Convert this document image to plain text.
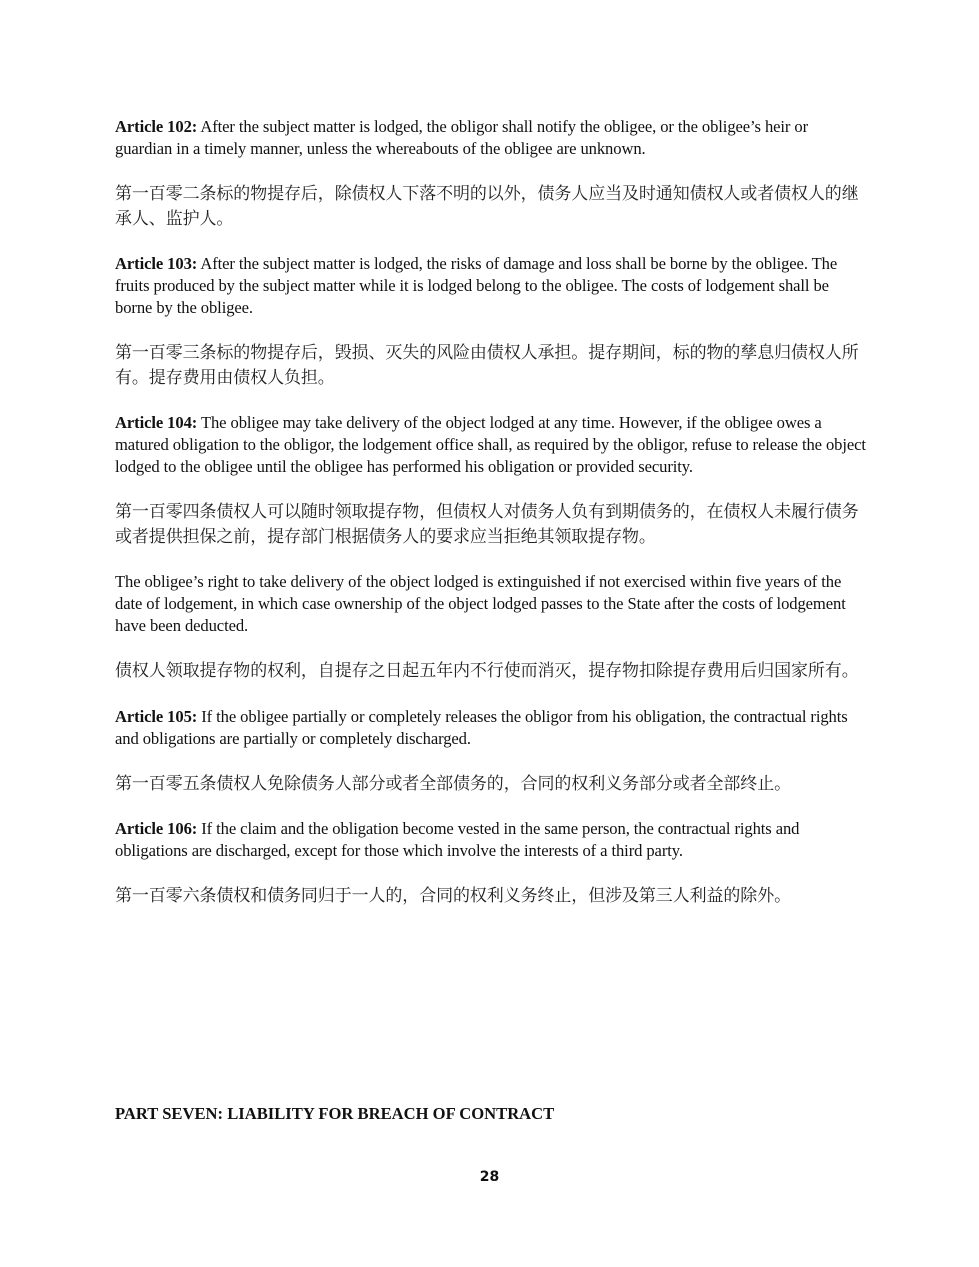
Article 102: After the subject matter is lodged, the obligor shall notify the obligee, or the obligee’s heir or guardian in a timely manner, unless the whereabouts of the obligee are unknown.

第一百零二条标的物提存后，除债权人下落不明的以外，债务人应当及时通知债权人或者债权人的继承人、监护人。

Article 103: After the subject matter is lodged, the risks of damage and loss shall be borne by the obligee. The fruits produced by the subject matter while it is lodged belong to the obligee. The costs of lodgement shall be borne by the obligee.

第一百零三条标的物提存后，毁损、灭失的风险由债权人承担。提存期间，标的物的孳息归债权人所有。提存费用由债权人负担。

Article 104: The obligee may take delivery of the object lodged at any time. However, if the obligee owes a matured obligation to the obligor, the lodgement office shall, as required by the obligor, refuse to release the object lodged to the obligee until the obligee has performed his obligation or provided security.

第一百零四条债权人可以随时领取提存物，但债权人对债务人负有到期债务的，在债权人未履行债务或者提供担保之前，提存部门根据债务人的要求应当拒绝其领取提存物。

The obligee’s right to take delivery of the object lodged is extinguished if not exercised within five years of the date of lodgement, in which case ownership of the object lodged passes to the State after the costs of lodgement have been deducted.

债权人领取提存物的权利，自提存之日起五年内不行使而消灭，提存物扣除提存费用后归国家所有。

Article 105: If the obligee partially or completely releases the obligor from his obligation, the contractual rights and obligations are partially or completely discharged.

第一百零五条债权人免除债务人部分或者全部债务的，合同的权利义务部分或者全部终止。

Article 106: If the claim and the obligation become vested in the same person, the contractual rights and obligations are discharged, except for those which involve the interests of a third party.

第一百零六条债权和债务同归于一人的，合同的权利义务终止，但涉及第三人利益的除外。

PART SEVEN: LIABILITY FOR BREACH OF CONTRACT

28
